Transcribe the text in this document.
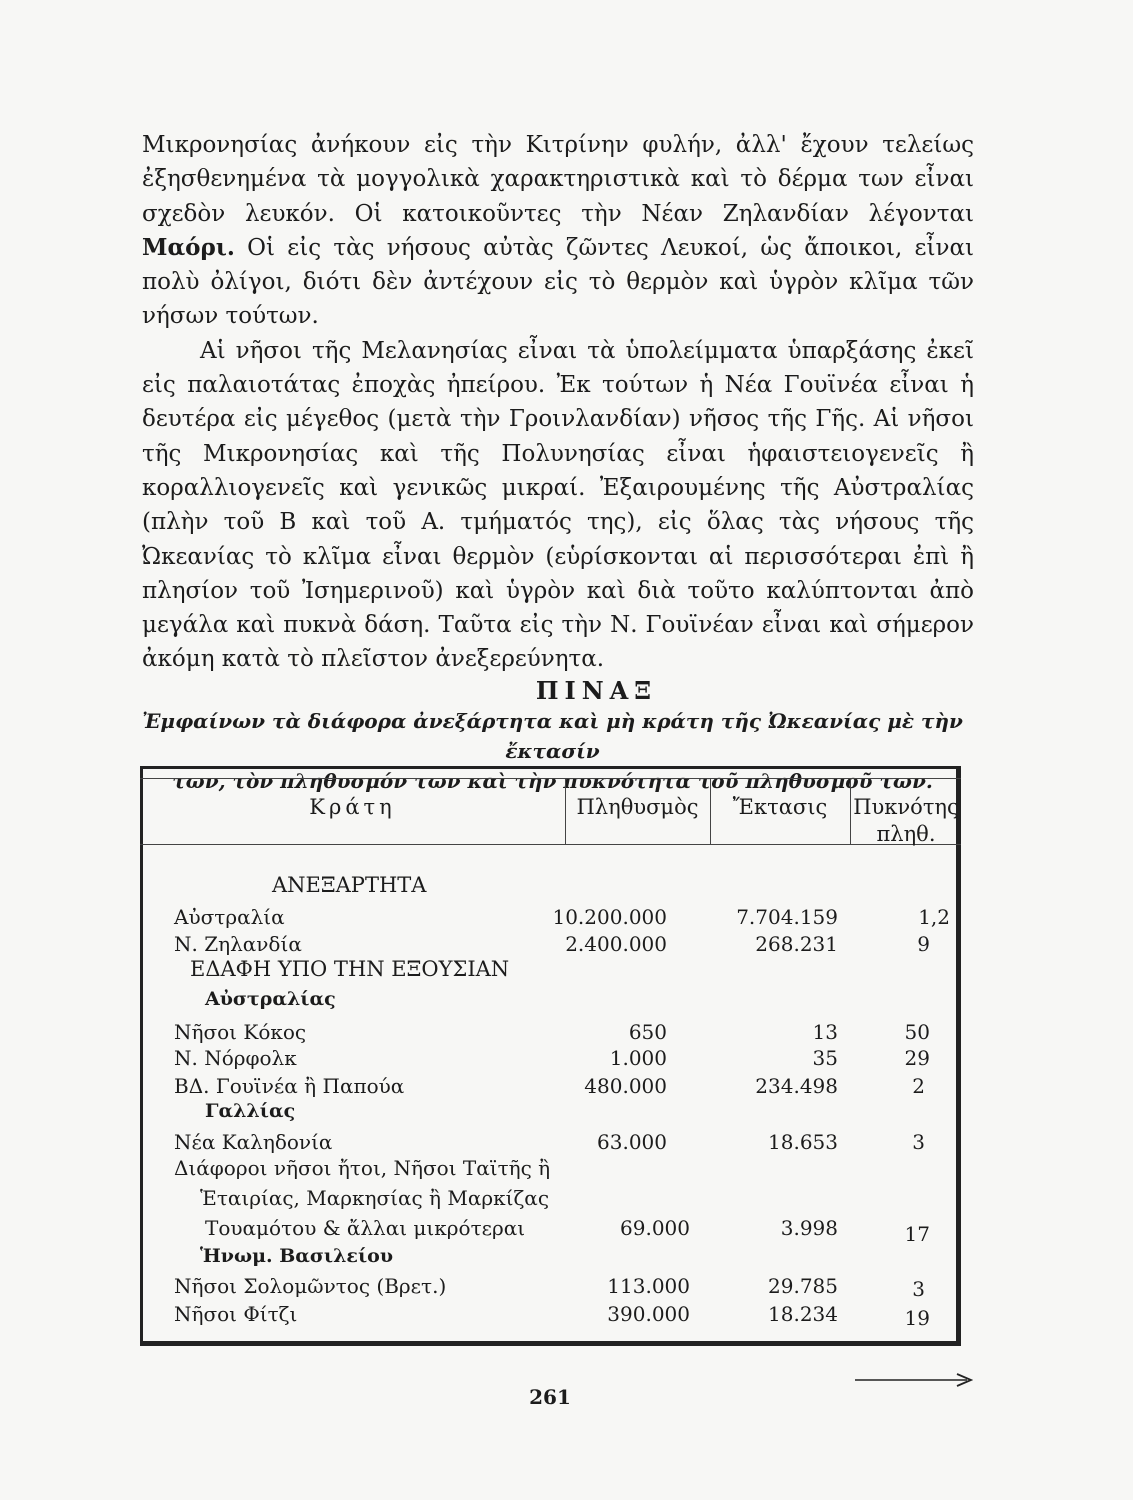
Μικρονησίας ἀνήκουν εἰς τὴν Κιτρίνην φυλήν, ἀλλ' ἔχουν τελείως ἐξησθενημένα τὰ μογγολικὰ χαρακτηριστικὰ καὶ τὸ δέρμα των εἶναι σχεδὸν λευκόν. Οἱ κατοικοῦντες τὴν Νέαν Ζηλανδίαν λέγονται Μαόρι. Οἱ εἰς τὰς νήσους αὐτὰς ζῶντες Λευκοί, ὡς ἄποικοι, εἶναι πολὺ ὀλίγοι, διότι δὲν ἀντέχουν εἰς τὸ θερμὸν καὶ ὑγρὸν κλῖμα τῶν νήσων τούτων.

Αἱ νῆσοι τῆς Μελανησίας εἶναι τὰ ὑπολείμματα ὑπαρξάσης ἐκεῖ εἰς παλαιοτάτας ἐποχὰς ἠπείρου. Ἐκ τούτων ἡ Νέα Γουϊνέα εἶναι ἡ δευτέρα εἰς μέγεθος (μετὰ τὴν Γροινλανδίαν) νῆσος τῆς Γῆς. Αἱ νῆσοι τῆς Μικρονησίας καὶ τῆς Πολυνησίας εἶναι ἡφαιστειογενεῖς ἢ κοραλλιογενεῖς καὶ γενικῶς μικραί. Ἐξαιρουμένης τῆς Αὐστραλίας (πλὴν τοῦ Β καὶ τοῦ Α. τμήματός της), εἰς ὅλας τὰς νήσους τῆς Ὠκεανίας τὸ κλῖμα εἶναι θερμὸν (εὑρίσκονται αἱ περισσότεραι ἐπὶ ἢ πλησίον τοῦ Ἰσημερινοῦ) καὶ ὑγρὸν καὶ διὰ τοῦτο καλύπτονται ἀπὸ μεγάλα καὶ πυκνὰ δάση. Ταῦτα εἰς τὴν Ν. Γουϊνέαν εἶναι καὶ σήμερον ἀκόμη κατὰ τὸ πλεῖστον ἀνεξερεύνητα.

ΠΙΝΑΞ
Ἐμφαίνων τὰ διάφορα ἀνεξάρτητα καὶ μὴ κράτη τῆς Ὠκεανίας μὲ τὴν ἔκτασίν
των, τὸν πληθυσμόν των καὶ τὴν πυκνότητα τοῦ πληθυσμοῦ των.
Κράτη	Πληθυσμὸς	Ἔκτασις	Πυκνότης
πληθ.
ΑΝΕΞΑΡΤΗΤΑ
Αὐστραλία	10.200.000	7.704.159	1,2
Ν. Ζηλανδία	2.400.000	268.231	9
ΕΔΑΦΗ ΥΠΟ ΤΗΝ ΕΞΟΥΣΙΑΝ
Αὐστραλίας
Νῆσοι Κόκος	650	13	50
Ν. Νόρφολκ	1.000	35	29
ΒΔ. Γουϊνέα ἢ Παπούα	480.000	234.498	2
Γαλλίας
Νέα Καληδονία	63.000	18.653	3
Διάφοροι νῆσοι ἤτοι, Νῆσοι Ταϊτῆς ἢ
Ἑταιρίας, Μαρκησίας ἢ Μαρκίζας
Τουαμότου & ἄλλαι μικρότεραι	69.000	3.998	17
Ἡνωμ. Βασιλείου
Νῆσοι Σολομῶντος (Βρετ.)	113.000	29.785	3
Νῆσοι Φίτζι	390.000	18.234	19
261
